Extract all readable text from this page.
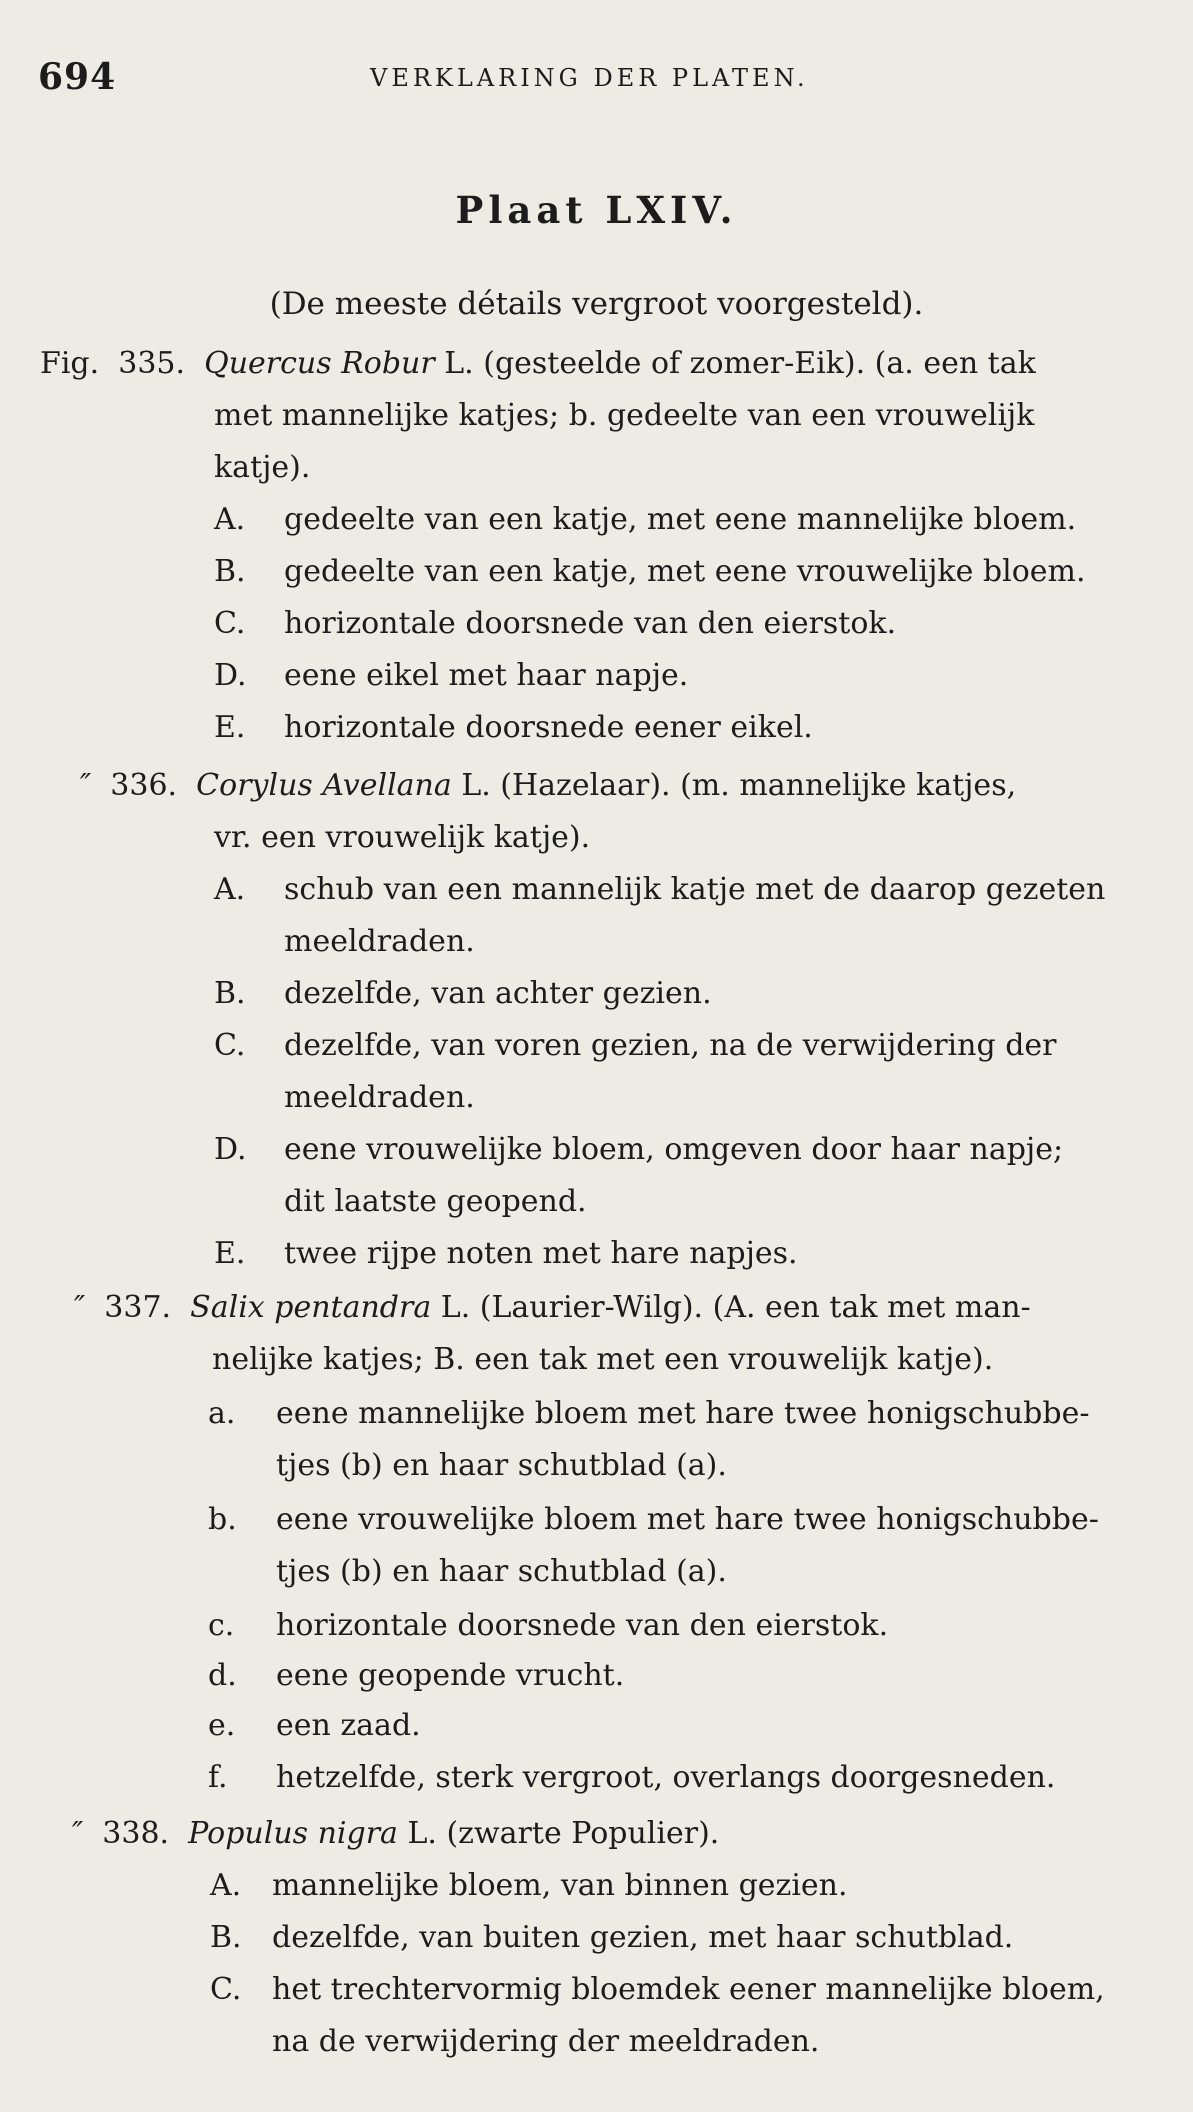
694	VERKLARING DER PLATEN.
Plaat LXIV.
(De meeste détails vergroot voorgesteld).
Fig. 335. Quercus Robur L. (gesteelde of zomer-Eik). (a. een tak
met mannelijke katjes; b. gedeelte van een vrouwelijk
katje).
A. gedeelte van een katje, met eene mannelijke bloem.
B. gedeelte van een katje, met eene vrouwelijke bloem.
C. horizontale doorsnede van den eierstok.
D. eene eikel met haar napje.
E. horizontale doorsnede eener eikel.
″ 336. Corylus Avellana L. (Hazelaar). (m. mannelijke katjes,
vr. een vrouwelijk katje).
A. schub van een mannelijk katje met de daarop gezeten
meeldraden.
B. dezelfde, van achter gezien.
C. dezelfde, van voren gezien, na de verwijdering der
meeldraden.
D. eene vrouwelijke bloem, omgeven door haar napje;
dit laatste geopend.
E. twee rijpe noten met hare napjes.
″ 337. Salix pentandra L. (Laurier-Wilg). (A. een tak met man-
nelijke katjes; B. een tak met een vrouwelijk katje).
a. eene mannelijke bloem met hare twee honigschubbe-
tjes (b) en haar schutblad (a).
b. eene vrouwelijke bloem met hare twee honigschubbe-
tjes (b) en haar schutblad (a).
c. horizontale doorsnede van den eierstok.
d. eene geopende vrucht.
e. een zaad.
f. hetzelfde, sterk vergroot, overlangs doorgesneden.
″ 338. Populus nigra L. (zwarte Populier).
A. mannelijke bloem, van binnen gezien.
B. dezelfde, van buiten gezien, met haar schutblad.
C. het trechtervormig bloemdek eener mannelijke bloem,
na de verwijdering der meeldraden.
